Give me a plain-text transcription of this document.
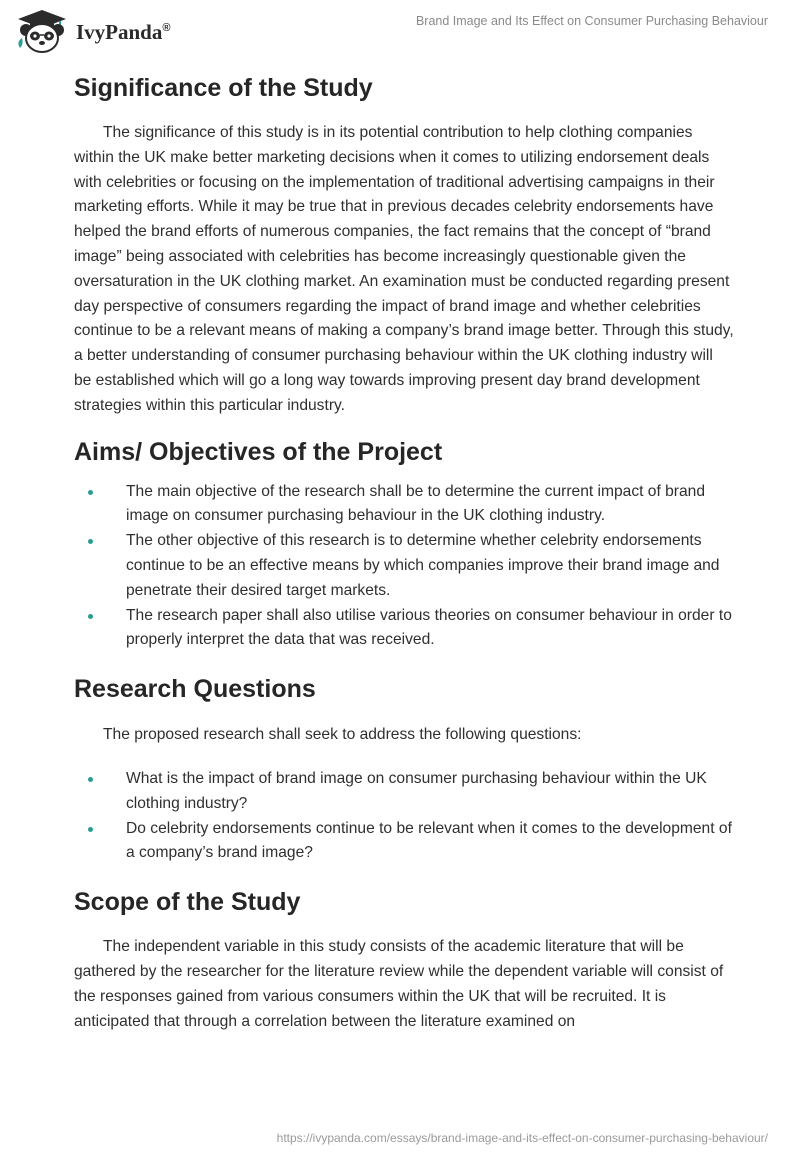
IvyPanda®	Brand Image and Its Effect on Consumer Purchasing Behaviour
Significance of the Study

The significance of this study is in its potential contribution to help clothing companies within the UK make better marketing decisions when it comes to utilizing endorsement deals with celebrities or focusing on the implementation of traditional advertising campaigns in their marketing efforts. While it may be true that in previous decades celebrity endorsements have helped the brand efforts of numerous companies, the fact remains that the concept of “brand image” being associated with celebrities has become increasingly questionable given the oversaturation in the UK clothing market. An examination must be conducted regarding present day perspective of consumers regarding the impact of brand image and whether celebrities continue to be a relevant means of making a company’s brand image better. Through this study, a better understanding of consumer purchasing behaviour within the UK clothing industry will be established which will go a long way towards improving present day brand development strategies within this particular industry.

Aims/ Objectives of the Project
The main objective of the research shall be to determine the current impact of brand image on consumer purchasing behaviour in the UK clothing industry.
The other objective of this research is to determine whether celebrity endorsements continue to be an effective means by which companies improve their brand image and penetrate their desired target markets.
The research paper shall also utilise various theories on consumer behaviour in order to properly interpret the data that was received.
Research Questions

The proposed research shall seek to address the following questions:

What is the impact of brand image on consumer purchasing behaviour within the UK clothing industry?
Do celebrity endorsements continue to be relevant when it comes to the development of a company’s brand image?
Scope of the Study

The independent variable in this study consists of the academic literature that will be gathered by the researcher for the literature review while the dependent variable will consist of the responses gained from various consumers within the UK that will be recruited. It is anticipated that through a correlation between the literature examined on

https://ivypanda.com/essays/brand-image-and-its-effect-on-consumer-purchasing-behaviour/
